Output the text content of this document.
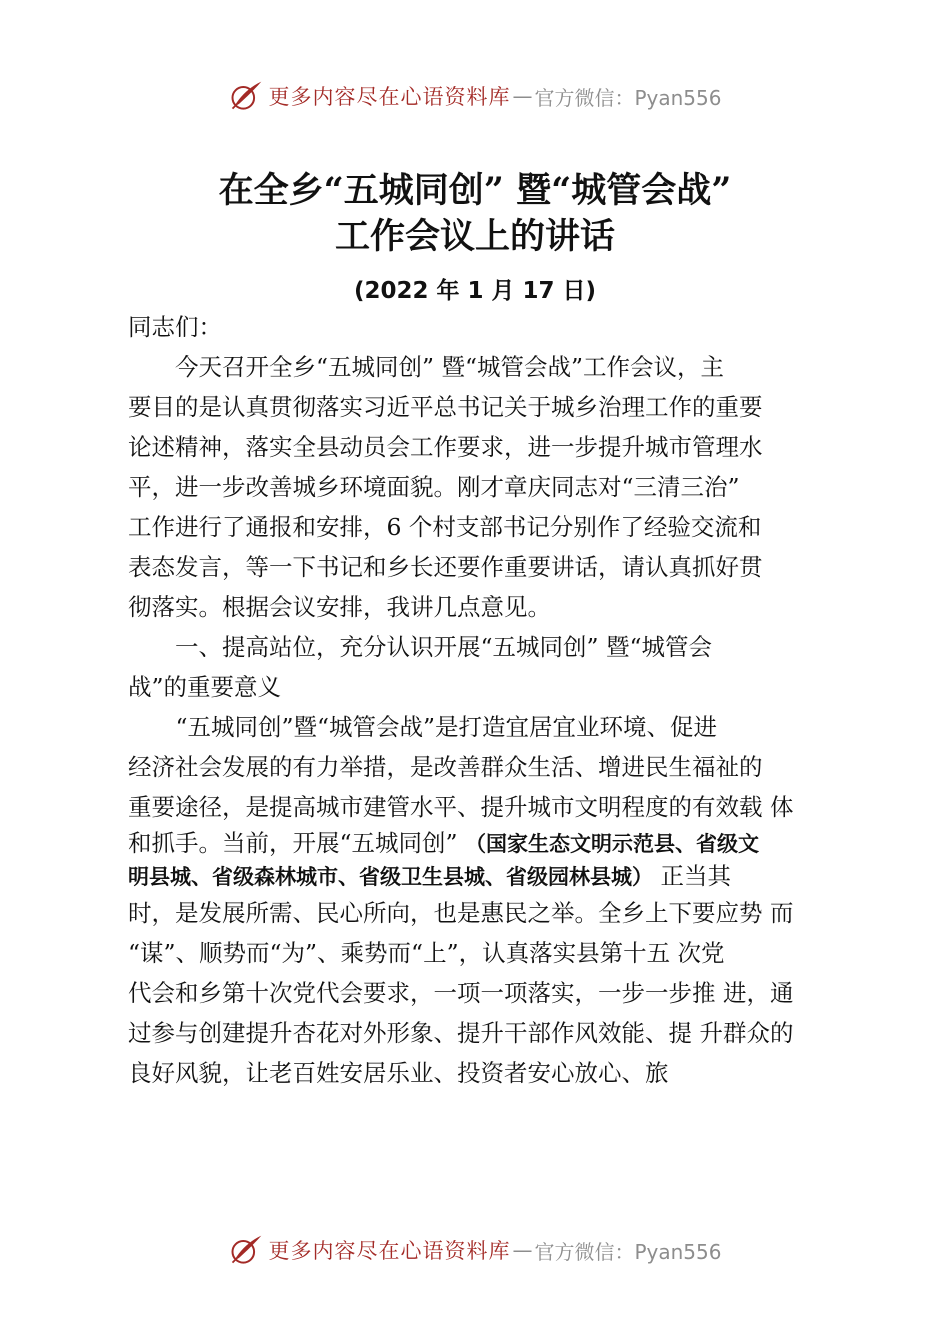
更多内容尽在心语资料库 — 官方微信：Pyan556
在全乡“五城同创” 暨“城管会战”
工作会议上的讲话
(2022 年 1 月 17 日)
同志们：
　　今天召开全乡“五城同创” 暨“城管会战”工作会议，主
要目的是认真贯彻落实习近平总书记关于城乡治理工作的重要
论述精神，落实全县动员会工作要求，进一步提升城市管理水
平，进一步改善城乡环境面貌。刚才章庆同志对“三清三治”
工作进行了通报和安排，6 个村支部书记分别作了经验交流和
表态发言，等一下书记和乡长还要作重要讲话，请认真抓好贯
彻落实。根据会议安排，我讲几点意见。
　　一、提高站位，充分认识开展“五城同创” 暨“城管会
战”的重要意义
　“五城同创”暨“城管会战”是打造宜居宜业环境、促进
经济社会发展的有力举措，是改善群众生活、增进民生福祉的
重要途径，是提高城市建管水平、提升城市文明程度的有效载 体
和抓手。当前，开展“五城同创” （国家生态文明示范县、省级文
明县城、省级森林城市、省级卫生县城、省级园林县城） 正当其
时，是发展所需、民心所向，也是惠民之举。全乡上下要应势 而
“谋”、顺势而“为”、乘势而“上”，认真落实县第十五 次党
代会和乡第十次党代会要求，一项一项落实，一步一步推 进，通
过参与创建提升杏花对外形象、提升干部作风效能、提 升群众的
良好风貌，让老百姓安居乐业、投资者安心放心、旅
更多内容尽在心语资料库 — 官方微信：Pyan556
